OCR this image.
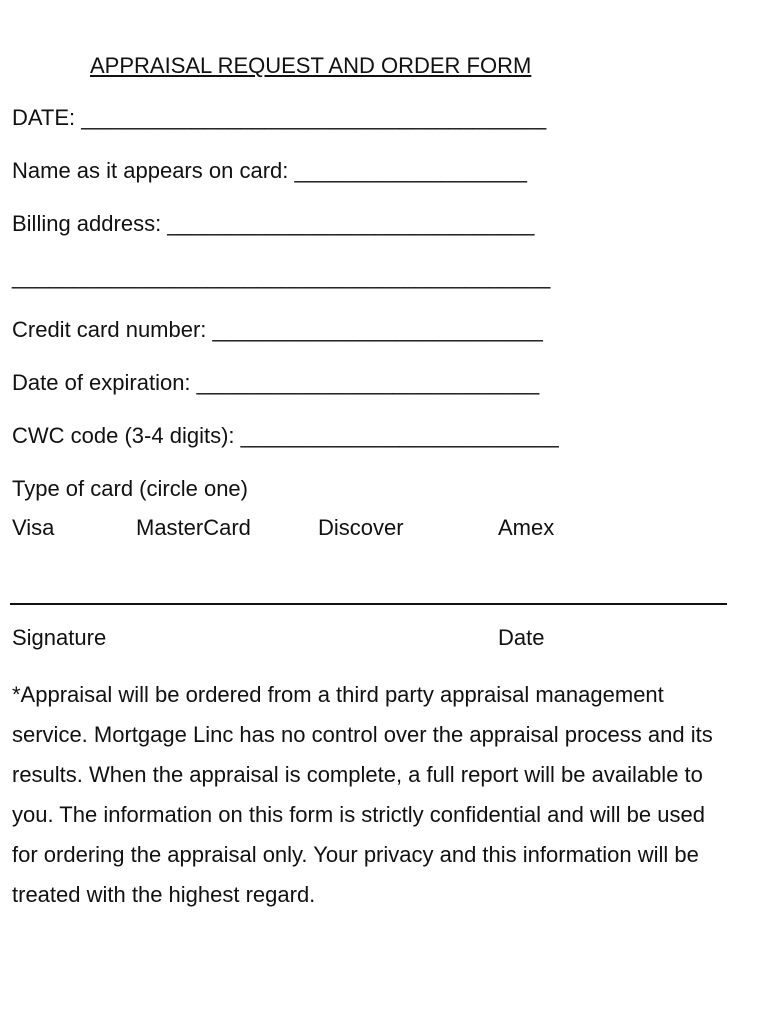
APPRAISAL REQUEST AND ORDER FORM
DATE: ______________________________________
Name as it appears on card: ___________________
Billing address: ______________________________
____________________________________________
Credit card number: ___________________________
Date of expiration: ____________________________
CWC code (3-4 digits): __________________________
Type of card (circle one)
Visa	MasterCard	Discover	Amex
Signature	Date
*Appraisal will be ordered from a third party appraisal management service. Mortgage Linc has no control over the appraisal process and its results. When the appraisal is complete, a full report will be available to you. The information on this form is strictly confidential and will be used for ordering the appraisal only. Your privacy and this information will be treated with the highest regard.
